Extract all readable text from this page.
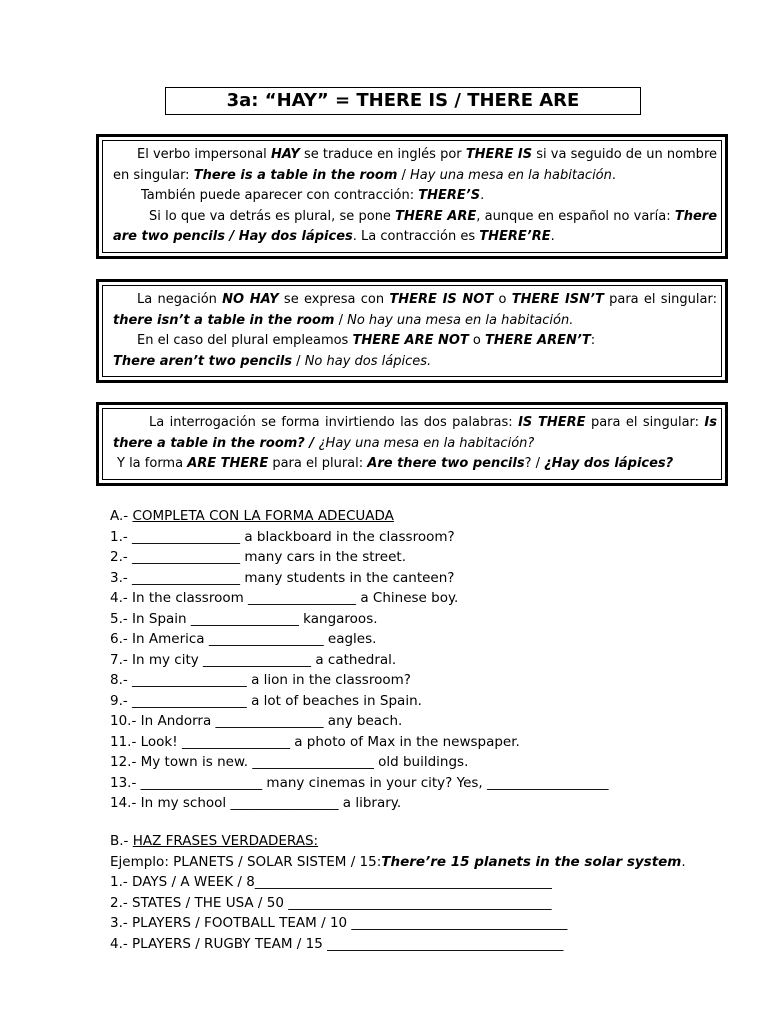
3a: “HAY” = THERE IS / THERE ARE

El verbo impersonal HAY se traduce en inglés por THERE IS si va seguido de un nombre en singular: There is a table in the room / Hay una mesa en la habitación.

También puede aparecer con contracción: THERE’S.

Si lo que va detrás es plural, se pone THERE ARE, aunque en español no varía: There are two pencils / Hay dos lápices. La contracción es THERE’RE.

La negación NO HAY se expresa con THERE IS NOT o THERE ISN’T para el singular: there isn’t a table in the room / No hay una mesa en la habitación.

En el caso del plural empleamos THERE ARE NOT o THERE AREN’T:

There aren’t two pencils / No hay dos lápices.

La interrogación se forma invirtiendo las dos palabras: IS THERE para el singular: Is there a table in the room? / ¿Hay una mesa en la habitación?

Y la forma ARE THERE para el plural: Are there two pencils? / ¿Hay dos lápices?

A.- COMPLETA CON LA FORMA ADECUADA
1.- ________________ a blackboard in the classroom?
2.- ________________ many cars in the street.
3.- ________________ many students in the canteen?
4.- In the classroom ________________ a Chinese boy.
5.- In Spain ________________ kangaroos.
6.- In America _________________ eagles.
7.- In my city ________________ a cathedral.
8.- _________________ a lion in the classroom?
9.- _________________ a lot of beaches in Spain.
10.- In Andorra ________________ any beach.
11.- Look! ________________ a photo of Max in the newspaper.
12.- My town is new. __________________ old buildings.
13.- __________________ many cinemas in your city? Yes, __________________
14.- In my school ________________ a library.
B.- HAZ FRASES VERDADERAS:
Ejemplo: PLANETS / SOLAR SISTEM / 15:There’re 15 planets in the solar system.
1.- DAYS / A WEEK / 8____________________________________________
2.- STATES / THE USA / 50 _______________________________________
3.- PLAYERS / FOOTBALL TEAM / 10 ________________________________
4.- PLAYERS / RUGBY TEAM / 15 ___________________________________
